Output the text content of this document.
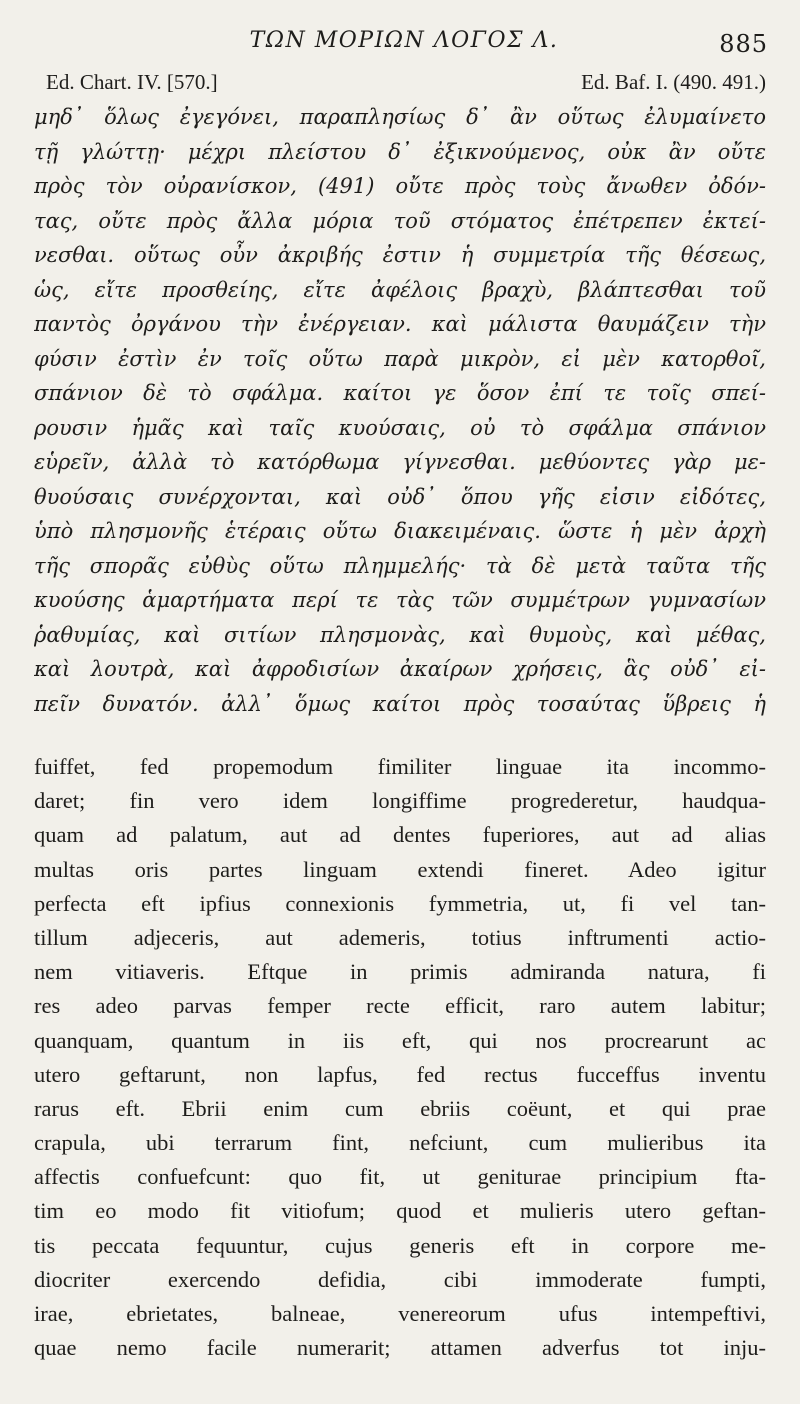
ΤΩΝ ΜΟΡΙΩΝ ΛΟΓΟΣ Λ.	885
Ed. Chart. IV. [570.]	Ed. Baf. I. (490. 491.)
μηδ᾽ ὅλως ἐγεγόνει, παραπλησίως δ᾽ ἂν οὕτως ἐλυμαίνετο
τῇ γλώττῃ· μέχρι πλείστου δ᾽ ἐξικνούμενος, οὐκ ἂν οὔτε
πρὸς τὸν οὐρανίσκον, (491) οὔτε πρὸς τοὺς ἄνωθεν ὀδόν-
τας, οὔτε πρὸς ἄλλα μόρια τοῦ στόματος ἐπέτρεπεν ἐκτεί-
νεσθαι. οὕτως οὖν ἀκριβής ἐστιν ἡ συμμετρία τῆς θέσεως,
ὡς, εἴτε προσθείης, εἴτε ἀφέλοις βραχὺ, βλάπτεσθαι τοῦ
παντὸς ὀργάνου τὴν ἐνέργειαν. καὶ μάλιστα θαυμάζειν τὴν
φύσιν ἐστὶν ἐν τοῖς οὕτω παρὰ μικρὸν, εἰ μὲν κατορθοῖ,
σπάνιον δὲ τὸ σφάλμα. καίτοι γε ὅσον ἐπί τε τοῖς σπεί-
ρουσιν ἡμᾶς καὶ ταῖς κυούσαις, οὐ τὸ σφάλμα σπάνιον
εὑρεῖν, ἀλλὰ τὸ κατόρθωμα γίγνεσθαι. μεθύοντες γὰρ με-
θυούσαις συνέρχονται, καὶ οὐδ᾽ ὅπου γῆς εἰσιν εἰδότες,
ὑπὸ πλησμονῆς ἑτέραις οὕτω διακειμέναις. ὥστε ἡ μὲν ἀρχὴ
τῆς σπορᾶς εὐθὺς οὕτω πλημμελής· τὰ δὲ μετὰ ταῦτα τῆς
κυούσης ἁμαρτήματα περί τε τὰς τῶν συμμέτρων γυμνασίων
ῥαθυμίας, καὶ σιτίων πλησμονὰς, καὶ θυμοὺς, καὶ μέθας,
καὶ λουτρὰ, καὶ ἀφροδισίων ἀκαίρων χρήσεις, ἃς οὐδ᾽ εἰ-
πεῖν δυνατόν. ἀλλ᾽ ὅμως καίτοι πρὸς τοσαύτας ὕβρεις ἡ
fuiffet, fed propemodum fimiliter linguae ita incommo-
daret; fin vero idem longiffime progrederetur, haudqua-
quam ad palatum, aut ad dentes fuperiores, aut ad alias
multas oris partes linguam extendi fineret. Adeo igitur
perfecta eft ipfius connexionis fymmetria, ut, fi vel tan-
tillum adjeceris, aut ademeris, totius inftrumenti actio-
nem vitiaveris. Eftque in primis admiranda natura, fi
res adeo parvas femper recte efficit, raro autem labitur;
quanquam, quantum in iis eft, qui nos procrearunt ac
utero geftarunt, non lapfus, fed rectus fucceffus inventu
rarus eft. Ebrii enim cum ebriis coëunt, et qui prae
crapula, ubi terrarum fint, nefciunt, cum mulieribus ita
affectis confuefcunt: quo fit, ut geniturae principium fta-
tim eo modo fit vitiofum; quod et mulieris utero geftan-
tis peccata fequuntur, cujus generis eft in corpore me-
diocriter exercendo defidia, cibi immoderate fumpti,
irae, ebrietates, balneae, venereorum ufus intempeftivi,
quae nemo facile numerarit; attamen adverfus tot inju-
